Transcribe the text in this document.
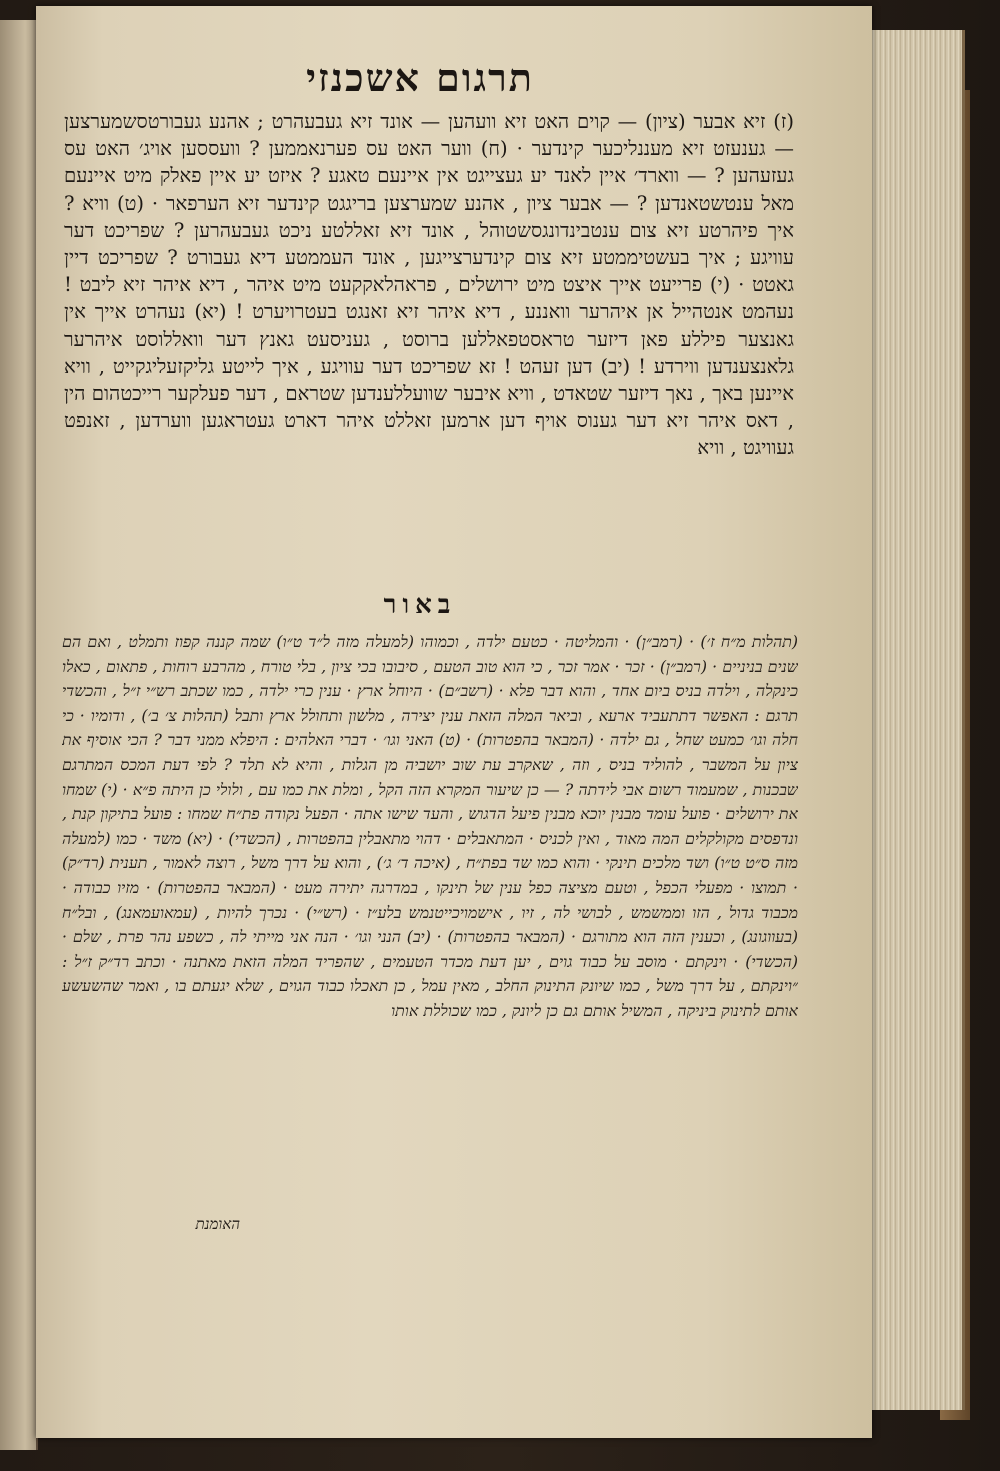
תרגום אשכנזי
(ז) זיא אבער (ציון) — קוים האט זיא וועהען — אונד זיא געבעהרט ; אהנע געבורטסשמערצען — גענעזט זיא מעננליכער קינדער · (ח) ווער האט עס פערנאממען ? וועססען אויג׳ האט עס געזעהען ? — ווארד׳ איין לאנד יע געצייגט אין איינעם טאגע ? איזט יע איין פאלק מיט איינעם מאל ענטשטאנדען ? — אבער ציון , אהנע שמערצען בריגגט קינדער זיא הערפאר · (ט) וויא ? איך פיהרטע זיא צום ענטבינדונגסשטוהל , אונד זיא זאללטע ניכט געבעהרען ? שפריכט דער עוויגע ; איך בעשטיממטע זיא צום קינדערצייגען , אונד העממטע דיא געבורט ? שפריכט דיין גאטט · (י) פרייעט אייך איצט מיט ירושלים , פראהלאקקעט מיט איהר , דיא איהר זיא ליבט ! נעהמט אנטהייל אן איהרער וואננע , דיא איהר זיא זאנגט בעטרויערט ! (יא) נעהרט אייך אין גאנצער פיללע פאן דיזער טראסטפאללען ברוסט , געניסעט גאנץ דער וואללוסט איהרער גלאנצענדען ווירדע ! (יב) דען זעהט ! זא שפריכט דער עוויגע , איך לייטע גליקזעליגקייט , וויא איינען באך , נאך דיזער שטאדט , וויא איבער שוועללענדען שטראם , דער פעלקער רייכטהום הין , דאס איהר זיא דער גענוס אויף דען ארמען זאללט איהר דארט געטראגען ווערדען , זאנפט געוויגט , וויא
באור
(תהלות מ״ח ז׳) · (רמב״ן) · והמליטה · כטעם ילדה , וכמוהו (למעלה מזה ל״ד ט״ו) שמה קננה קפוז ותמלט , ואם הם שנים בניניים · (רמב״ן) · זכר · אמר זכר , כי הוא טוב הטעם , סיבובו בכי ציון , בלי טורח , מהרבע רוחות , פתאום , כאלו כינקלה , וילדה בניס ביום אחד , והוא דבר פלא · (רשב״ם) · היוחל ארץ · ענין כרי ילדה , כמו שכתב רש״י ז״ל , והכשדי תרגם : האפשר דתתעביד ארעא , וביאר המלה הזאת ענין יצירה , מלשון ותחולל ארץ ותבל (תהלות צ׳ ב׳) , ודומיו · כי חלה וגו׳ כמעט שחל , גם ילדה · (המבאר בהפטרות) · (ט) האני וגו׳ · דברי האלהים : היפלא ממני דבר ? הכי אוסיף את ציון על המשבר , להוליד בניס , וזה , שאקרב עת שוב יושביה מן הגלות , והיא לא תלד ? לפי דעת המכס המתרגם שבכנות , שמעמוד רשום אבי לידתה ? — כן שיעור המקרא הזה הקל , ומלת את כמו עם , ולולי כן היתה פ״א · (י) שמחו את ירושלים · פועל עומד מבנין יוכא מבנין פיעל הדגוש , והעד שישו אתה · הפעל נקודה פת״ח שמחו : פועל בתיקון קנת , ונדפסים מקולקלים המה מאוד , ואין לכניס · המתאבלים · דהוי מתאבלין בהפטרות , (הכשדי) · (יא) משד · כמו (למעלה מזה ס״ט ט״ו) ושד מלכים תינקי · והוא כמו שד בפת״ח , (איכה ד׳ ג׳) , והוא על דרך משל , רוצה לאמור , תענית (רד״ק) · תמוצו · מפעלי הכפל , וטעם מציצה כפל ענין של תינקו , במדרגה יתירה מעט · (המבאר בהפטרות) · מזיו כבודה · מכבוד גדול , הזו וממשמש , לבושי לה , זיו , אישמויכייטנמש בלע״ז · (רש״י) · נכרך להיות , (עמאועמאנג) , ובל״ח (בעווגונג) , וכענין הזה הוא מתורגם · (המבאר בהפטרות) · (יב) הנני וגו׳ · הנה אני מייתי לה , כשפע נהר פרת , שלם · (הכשדי) · וינקתם · מוסב על כבוד גוים , יען דעת מכדר הטעמים , שהפריד המלה הזאת מאתנה · וכתב רד״ק ז״ל : ״וינקתם , על דרך משל , כמו שיונק התינוק החלב , מאין עמל , כן תאכלו כבוד הגוים , שלא יגעתם בו , ואמר שהשעשע אותם לתינוק ביניקה , המשיל אותם גם כן ליונק , כמו שכוללת אותו
האומנת
